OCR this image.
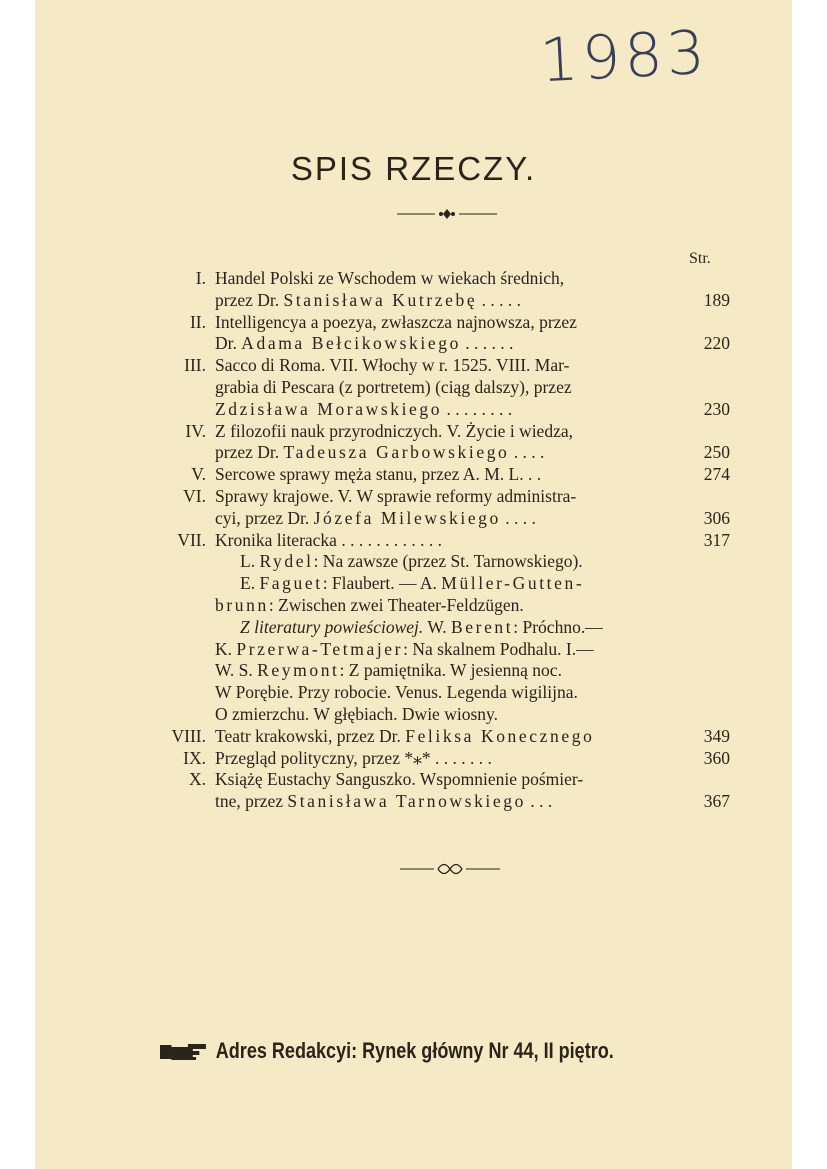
1983
SPIS RZECZY.
Str.
I. Handel Polski ze Wschodem w wiekach średnich,
przez Dr. Stanisława Kutrzebę . . . . .	189
II. Intelligencya a poezya, zwłaszcza najnowsza, przez
Dr. Adama Bełcikowskiego . . . . . .	220
III. Sacco di Roma. VII. Włochy w r. 1525. VIII. Mar-
grabia di Pescara (z portretem) (ciąg dalszy), przez
Zdzisława Morawskiego . . . . . . . .	230
IV. Z filozofii nauk przyrodniczych. V. Życie i wiedza,
przez Dr. Tadeusza Garbowskiego . . . .	250
V. Sercowe sprawy męża stanu, przez A. M. L. . .	274
VI. Sprawy krajowe. V. W sprawie reformy administra-
cyi, przez Dr. Józefa Milewskiego . . . .	306
VII. Kronika literacka . . . . . . . . . . . .	317
L. Rydel: Na zawsze (przez St. Tarnowskiego).
E. Faguet: Flaubert. — A. Müller-Gutten-
brunn: Zwischen zwei Theater-Feldzügen.
Z literatury powieściowej. W. Berent: Próchno.—
K. Przerwa-Tetmajer: Na skalnem Podhalu. I.—
W. S. Reymont: Z pamiętnika. W jesienną noc.
W Porębie. Przy robocie. Venus. Legenda wigilijna.
O zmierzchu. W głębiach. Dwie wiosny.
VIII. Teatr krakowski, przez Dr. Feliksa Konecznego	349
IX. Przegląd polityczny, przez *⁎* . . . . . . .	360
X. Książę Eustachy Sanguszko. Wspomnienie pośmier-
tne, przez Stanisława Tarnowskiego . . .	367
Adres Redakcyi: Rynek główny Nr 44, II piętro.
